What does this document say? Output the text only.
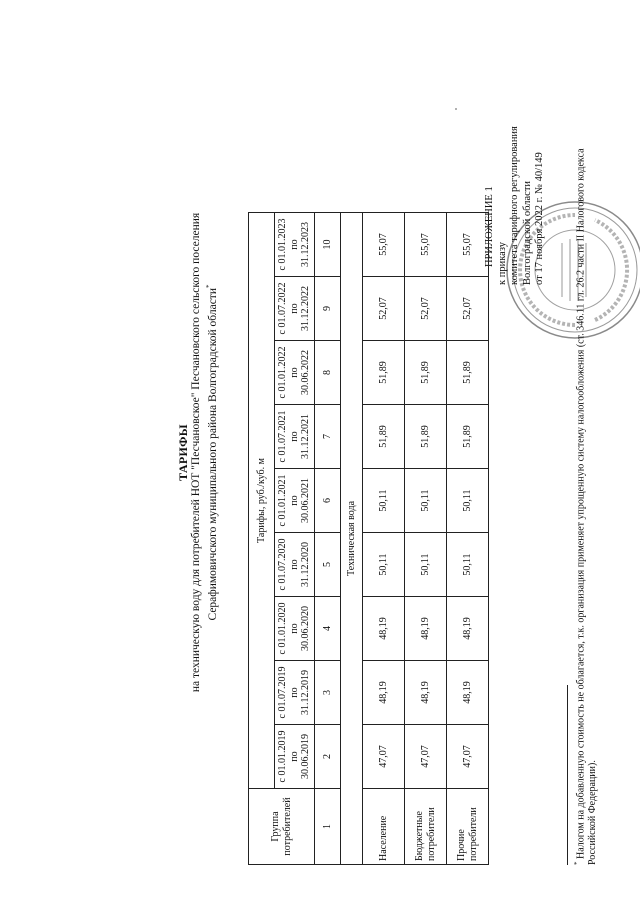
ПРИЛОЖЕНИЕ 1 к приказу комитета тарифного регулирования Волгоградской области от 17 ноября 2022 г. № 40/149
ТАРИФЫ на техническую воду для потребителей НОТ "Песчановское" Песчановского сельского поселения Серафимовичского муниципального района Волгоградской области*
Группа потребителей	Тарифы, руб./куб. м								
	с 01.01.2019 по 30.06.2019	с 01.07.2019 по 31.12.2019	с 01.01.2020 по 30.06.2020	с 01.07.2020 по 31.12.2020	с 01.01.2021 по 30.06.2021	с 01.07.2021 по 31.12.2021	с 01.01.2022 по 30.06.2022	с 01.07.2022 по 31.12.2022	с 01.01.2023 по 31.12.2023
1	2	3	4	5	6	7	8	9	10
Техническая вода									
Население	47,07	48,19	48,19	50,11	50,11	51,89	51,89	52,07	55,07
Бюджетные потребители	47,07	48,19	48,19	50,11	50,11	51,89	51,89	52,07	55,07
Прочие потребители	47,07	48,19	48,19	50,11	50,11	51,89	51,89	52,07	55,07
* Налогом на добавленную стоимость не облагается, т.к. организация применяет упрощенную систему налогообложения (ст. 346.11 гл. 26.2 части II Налогового кодекса Российской Федерации).
